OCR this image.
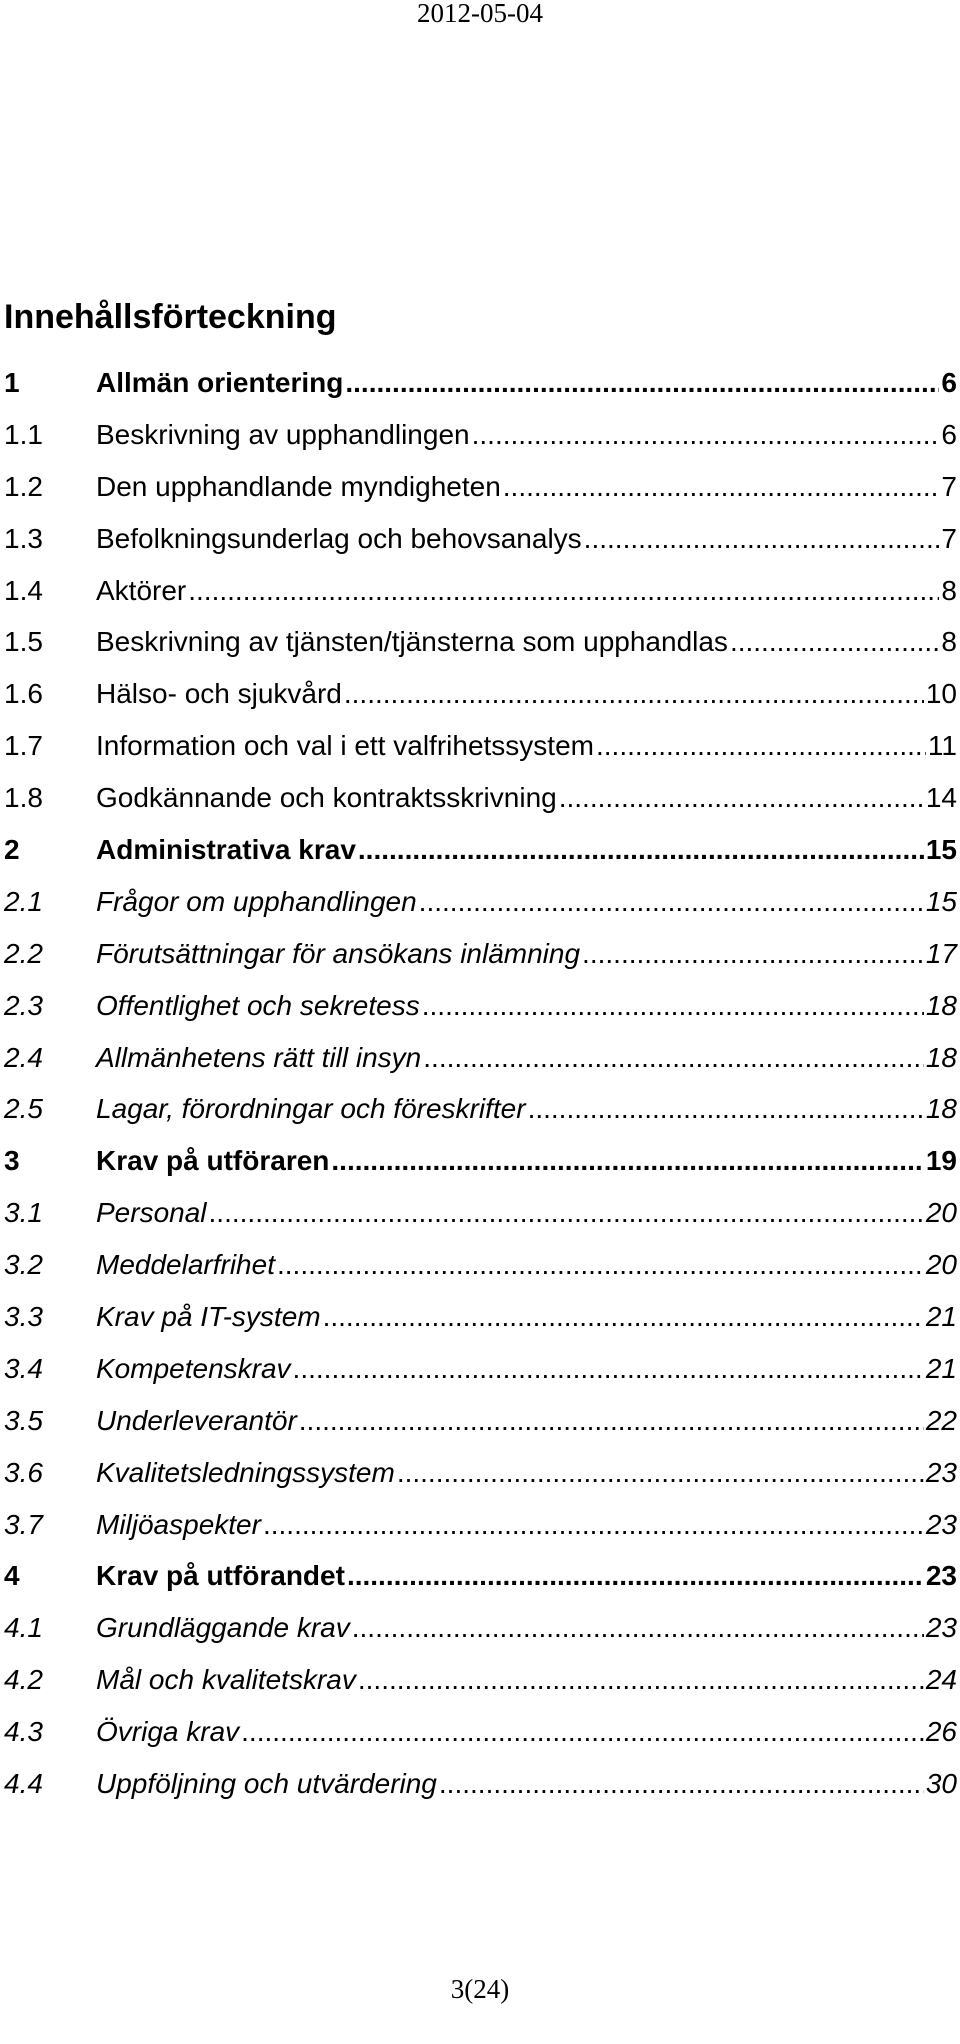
2012-05-04
Innehållsförteckning
1	Allmän orientering .....	6
1.1	Beskrivning av upphandlingen .....	6
1.2	Den upphandlande myndigheten .....	7
1.3	Befolkningsunderlag och behovsanalys .....	7
1.4	Aktörer .....	8
1.5	Beskrivning av tjänsten/tjänsterna som upphandlas .....	8
1.6	Hälso- och sjukvård .....	10
1.7	Information och val i ett valfrihetssystem .....	11
1.8	Godkännande och kontraktsskrivning .....	14
2	Administrativa krav .....	15
2.1	Frågor om upphandlingen .....	15
2.2	Förutsättningar för ansökans inlämning .....	17
2.3	Offentlighet och sekretess .....	18
2.4	Allmänhetens rätt till insyn .....	18
2.5	Lagar, förordningar och föreskrifter .....	18
3	Krav på utföraren .....	19
3.1	Personal .....	20
3.2	Meddelarfrihet .....	20
3.3	Krav på IT-system .....	21
3.4	Kompetenskrav .....	21
3.5	Underleverantör .....	22
3.6	Kvalitetsledningssystem .....	23
3.7	Miljöaspekter .....	23
4	Krav på utförandet .....	23
4.1	Grundläggande krav .....	23
4.2	Mål och kvalitetskrav .....	24
4.3	Övriga krav .....	26
4.4	Uppföljning och utvärdering .....	30
3(24)
